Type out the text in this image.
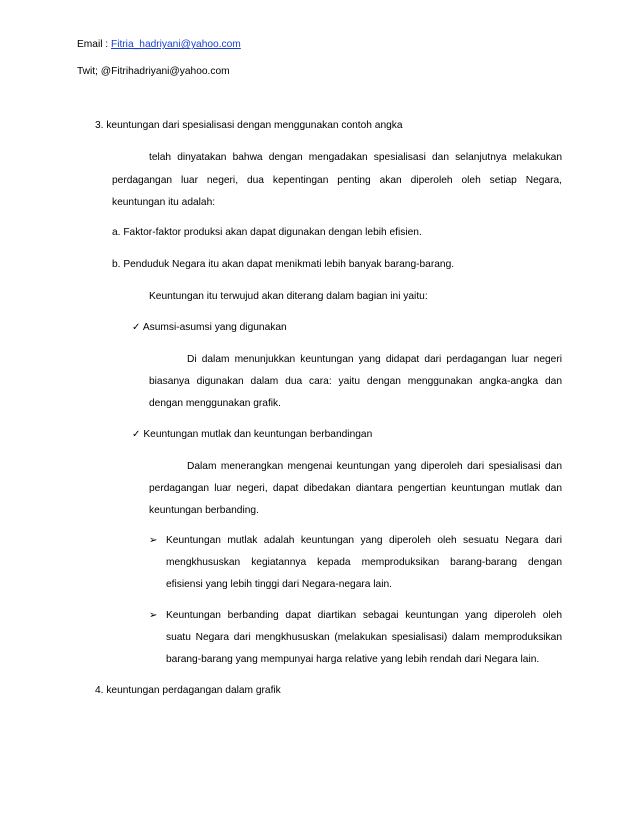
Email : Fitria_hadriyani@yahoo.com
Twit; @Fitrihadriyani@yahoo.com
3. keuntungan dari spesialisasi dengan menggunakan contoh angka
telah dinyatakan bahwa dengan mengadakan spesialisasi dan selanjutnya melakukan
perdagangan luar negeri, dua kepentingan penting akan diperoleh oleh setiap Negara,
keuntungan itu adalah:
a. Faktor-faktor produksi akan dapat digunakan dengan lebih efisien.
b. Penduduk Negara itu akan dapat menikmati lebih banyak barang-barang.
Keuntungan itu terwujud akan diterang dalam bagian ini yaitu:
✓ Asumsi-asumsi yang digunakan
Di dalam menunjukkan keuntungan yang didapat dari perdagangan luar negeri
biasanya digunakan dalam dua cara: yaitu dengan menggunakan angka-angka dan
dengan menggunakan grafik.
✓ Keuntungan mutlak dan keuntungan berbandingan
Dalam menerangkan mengenai keuntungan yang diperoleh dari spesialisasi dan
perdagangan luar negeri, dapat dibedakan diantara pengertian keuntungan mutlak dan
keuntungan berbanding.
➢ Keuntungan mutlak adalah keuntungan yang diperoleh oleh sesuatu Negara dari
mengkhususkan kegiatannya kepada memproduksikan barang-barang dengan
efisiensi yang lebih tinggi dari Negara-negara lain.
➢ Keuntungan berbanding dapat diartikan sebagai keuntungan yang diperoleh oleh
suatu Negara dari mengkhususkan (melakukan spesialisasi) dalam memproduksikan
barang-barang yang mempunyai harga relative yang lebih rendah dari Negara lain.
4. keuntungan perdagangan dalam grafik
